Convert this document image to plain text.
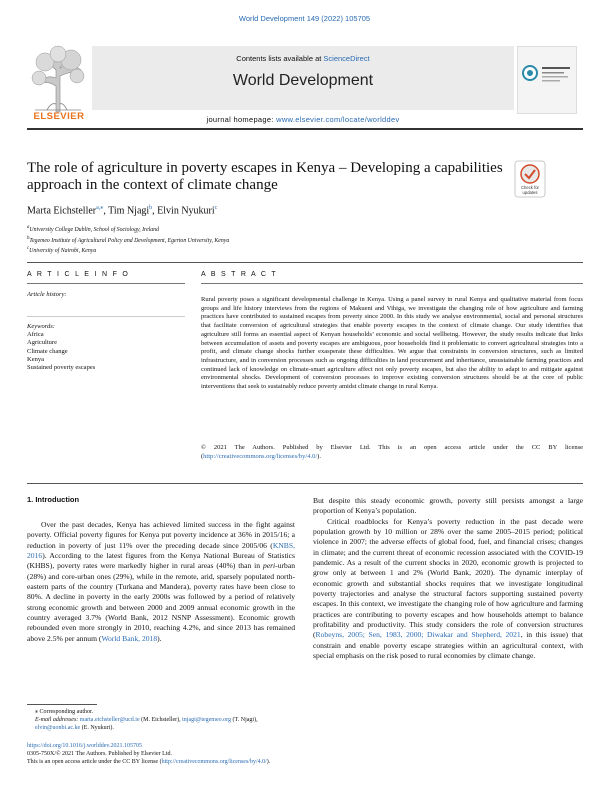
World Development 149 (2022) 105705
ELSEVIER
Contents lists available at ScienceDirect
World Development
journal homepage: www.elsevier.com/locate/worlddev
The role of agriculture in poverty escapes in Kenya – Developing a capabilities approach in the context of climate change	Check for
updates
Marta Eichsteller$^{a,⁎}$, Tim Njagi$^b$, Elvin Nyukuri$^c$
$^a$University College Dublin, School of Sociology, Ireland
$^b$Tegemeo Institute of Agricultural Policy and Development, Egerton University, Kenya
$^c$University of Nairobi, Kenya
A R T I C L E I N F O	A B S T R A C T
Article history:
Keywords:
Africa
Agriculture
Climate change
Kenya
Sustained poverty escapes
Rural poverty poses a significant developmental challenge in Kenya. Using a panel survey in rural Kenya and qualitative material from focus groups and life history interviews from the regions of Makueni and Vihiga, we investigate the changing role of how agriculture and farming practices have contributed to sustained escapes from poverty since 2000. In this study we analyse environmental, social and personal structures that facilitate conversion of agricultural strategies that enable poverty escapes in the context of climate change. Our study identifies that agriculture still forms an essential aspect of Kenyan households’ economic and social wellbeing. However, the study results indicate that links between accumulation of assets and poverty escapes are ambiguous, poor households find it problematic to convert agricultural strategies into a profit, and climate change shocks further exasperate these difficulties. We argue that constraints in conversion structures, such as limited infrastructure, and in conversion processes such as ongoing difficulties in land procurement and inheritance, unsustainable farming practices and continued lack of knowledge on climate-smart agriculture affect not only poverty escapes, but also the ability to adapt to and mitigate against environmental shocks. Development of conversion processes to improve existing conversion structures should be at the core of public interventions that seek to sustainably reduce poverty amidst climate change in rural Kenya.
© 2021 The Authors. Published by Elsevier Ltd. This is an open access article under the CC BY license (http://creativecommons.org/licenses/by/4.0/).
1. Introduction

Over the past decades, Kenya has achieved limited success in the fight against poverty. Official poverty figures for Kenya put poverty incidence at 36% in 2015/16; a reduction in poverty of just 11% over the preceding decade since 2005/06 (KNBS, 2016). According to the latest figures from the Kenya National Bureau of Statistics (KHBS), poverty rates were markedly higher in rural areas (40%) than in peri-urban (28%) and core-urban ones (29%), while in the remote, arid, sparsely populated north-eastern parts of the country (Turkana and Mandera), poverty rates have been close to 80%. A decline in poverty in the early 2000s was followed by a period of relatively strong economic growth and between 2000 and 2009 annual economic growth in the country averaged 3.7% (World Bank, 2012 NSNP Assessment). Economic growth rebounded even more strongly in 2010, reaching 4.2%, and since 2013 has remained above 2.5% per annum (World Bank, 2018).

But despite this steady economic growth, poverty still persists amongst a large proportion of Kenya’s population.

Critical roadblocks for Kenya’s poverty reduction in the past decade were population growth by 10 million or 28% over the same 2005–2015 period; political violence in 2007; the adverse effects of global food, fuel, and financial crises; changes in climate; and the current threat of economic recession associated with the COVID-19 pandemic. As a result of the current shocks in 2020, economic growth is projected to grow only at between 1 and 2% (World Bank, 2020). The dynamic interplay of economic growth and substantial shocks requires that we investigate longitudinal poverty trajectories and analyse the structural factors supporting sustained poverty escapes. In this context, we investigate the changing role of how agriculture and farming practices are contributing to poverty escapes and how households attempt to balance profitability and productivity. This study considers the role of conversion structures (Robeyns, 2005; Sen, 1983, 2000; Diwakar and Shepherd, 2021, in this issue) that constrain and enable poverty escape strategies within an agricultural context, with special emphasis on the risk posed to rural economies by climate change.

⁎ Corresponding author.
E-mail addresses: marta.eichsteller@ucd.ie (M. Eichsteller), tnjagi@tegemeo.org (T. Njagi), elvin@uonbi.ac.ke (E. Nyukuri).
https://doi.org/10.1016/j.worlddev.2021.105705
0305-750X/© 2021 The Authors. Published by Elsevier Ltd.
This is an open access article under the CC BY license (http://creativecommons.org/licenses/by/4.0/).
